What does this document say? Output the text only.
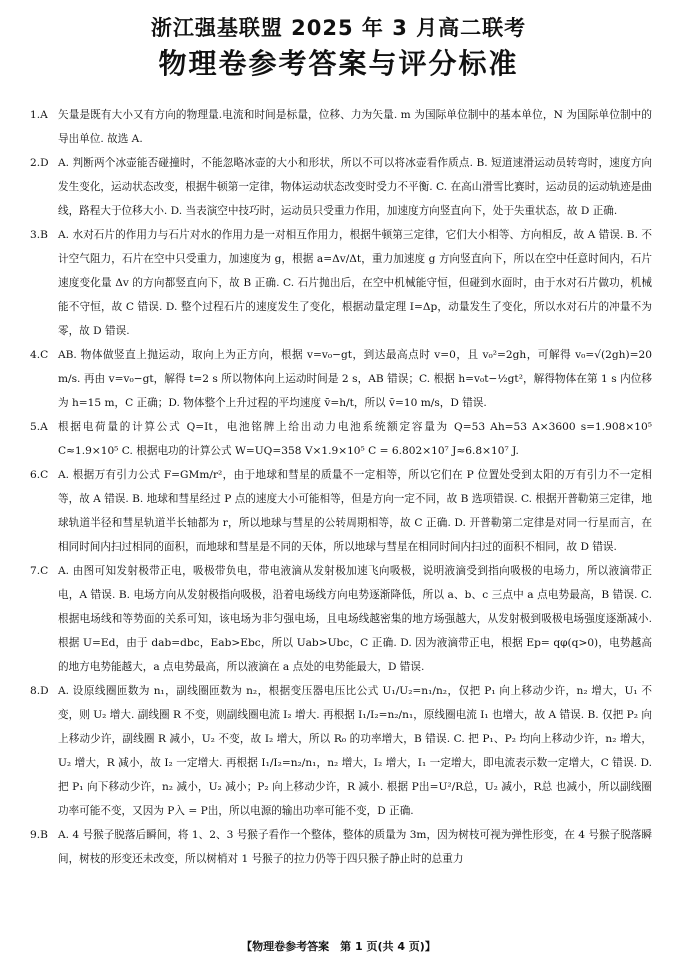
浙江强基联盟 2025 年 3 月高二联考
物理卷参考答案与评分标准
1.A 矢量是既有大小又有方向的物理量.电流和时间是标量，位移、力为矢量. m 为国际单位制中的基本单位，N 为国际单位制中的导出单位. 故选 A.

2.D A. 判断两个冰壶能否碰撞时，不能忽略冰壶的大小和形状，所以不可以将冰壶看作质点. B. 短道速滑运动员转弯时，速度方向发生变化，运动状态改变，根据牛顿第一定律，物体运动状态改变时受力不平衡. C. 在高山滑雪比赛时，运动员的运动轨迹是曲线，路程大于位移大小. D. 当表演空中技巧时，运动员只受重力作用，加速度方向竖直向下，处于失重状态，故 D 正确.

3.B A. 水对石片的作用力与石片对水的作用力是一对相互作用力，根据牛顿第三定律，它们大小相等、方向相反，故 A 错误. B. 不计空气阻力，石片在空中只受重力，加速度为 g，根据 a=Δv/Δt，重力加速度 g 方向竖直向下，所以在空中任意时间内，石片速度变化量 Δv 的方向都竖直向下，故 B 正确. C. 石片抛出后，在空中机械能守恒，但碰到水面时，由于水对石片做功，机械能不守恒，故 C 错误. D. 整个过程石片的速度发生了变化，根据动量定理 I=Δp，动量发生了变化，所以水对石片的冲量不为零，故 D 错误.

4.C AB. 物体做竖直上抛运动，取向上为正方向，根据 v=v₀−gt，到达最高点时 v=0，且 v₀²=2gh，可解得 v₀=√(2gh)=20 m/s. 再由 v=v₀−gt，解得 t=2 s 所以物体向上运动时间是 2 s，AB 错误；C. 根据 h=v₀t−½gt²，解得物体在第 1 s 内位移为 h=15 m，C 正确；D. 物体整个上升过程的平均速度 v̄=h/t，所以 v̄=10 m/s，D 错误.

5.A 根据电荷量的计算公式 Q=It，电池铭牌上给出动力电池系统额定容量为 Q=53 Ah=53 A×3600 s=1.908×10⁵ C≈1.9×10⁵ C. 根据电功的计算公式 W=UQ=358 V×1.9×10⁵ C = 6.802×10⁷ J≈6.8×10⁷ J.

6.C A. 根据万有引力公式 F=GMm/r²，由于地球和彗星的质量不一定相等，所以它们在 P 位置处受到太阳的万有引力不一定相等，故 A 错误. B. 地球和彗星经过 P 点的速度大小可能相等，但是方向一定不同，故 B 选项错误. C. 根据开普勒第三定律，地球轨道半径和彗星轨道半长轴都为 r，所以地球与彗星的公转周期相等，故 C 正确. D. 开普勒第二定律是对同一行星而言，在相同时间内扫过相同的面积，而地球和彗星是不同的天体，所以地球与彗星在相同时间内扫过的面积不相同，故 D 错误.

7.C A. 由图可知发射极带正电，吸极带负电，带电液滴从发射极加速飞向吸极，说明液滴受到指向吸极的电场力，所以液滴带正电，A 错误. B. 电场方向从发射极指向吸极，沿着电场线方向电势逐渐降低，所以 a、b、c 三点中 a 点电势最高，B 错误. C. 根据电场线和等势面的关系可知，该电场为非匀强电场，且电场线越密集的地方场强越大，从发射极到吸极电场强度逐渐减小. 根据 U=Ed，由于 dab=dbc，Eab>Ebc，所以 Uab>Ubc，C 正确. D. 因为液滴带正电，根据 Ep= qφ(q>0)，电势越高的地方电势能越大，a 点电势最高，所以液滴在 a 点处的电势能最大，D 错误.

8.D A. 设原线圈匝数为 n₁，副线圈匝数为 n₂，根据变压器电压比公式 U₁/U₂=n₁/n₂，仅把 P₁ 向上移动少许，n₂ 增大，U₁ 不变，则 U₂ 增大. 副线圈 R 不变，则副线圈电流 I₂ 增大. 再根据 I₁/I₂=n₂/n₁，原线圈电流 I₁ 也增大，故 A 错误. B. 仅把 P₂ 向上移动少许，副线圈 R 减小，U₂ 不变，故 I₂ 增大，所以 R₀ 的功率增大，B 错误. C. 把 P₁、P₂ 均向上移动少许，n₂ 增大，U₂ 增大，R 减小，故 I₂ 一定增大. 再根据 I₁/I₂=n₂/n₁，n₂ 增大，I₂ 增大，I₁ 一定增大，即电流表示数一定增大，C 错误. D. 把 P₁ 向下移动少许，n₂ 减小，U₂ 减小；P₂ 向上移动少许，R 减小. 根据 P出=U²/R总，U₂ 减小，R总 也减小，所以副线圈功率可能不变，又因为 P入 = P出，所以电源的输出功率可能不变，D 正确.

9.B A. 4 号猴子脱落后瞬间，将 1、2、3 号猴子看作一个整体，整体的质量为 3m，因为树枝可视为弹性形变，在 4 号猴子脱落瞬间，树枝的形变还未改变，所以树梢对 1 号猴子的拉力仍等于四只猴子静止时的总重力

【物理卷参考答案　第 1 页(共 4 页)】
